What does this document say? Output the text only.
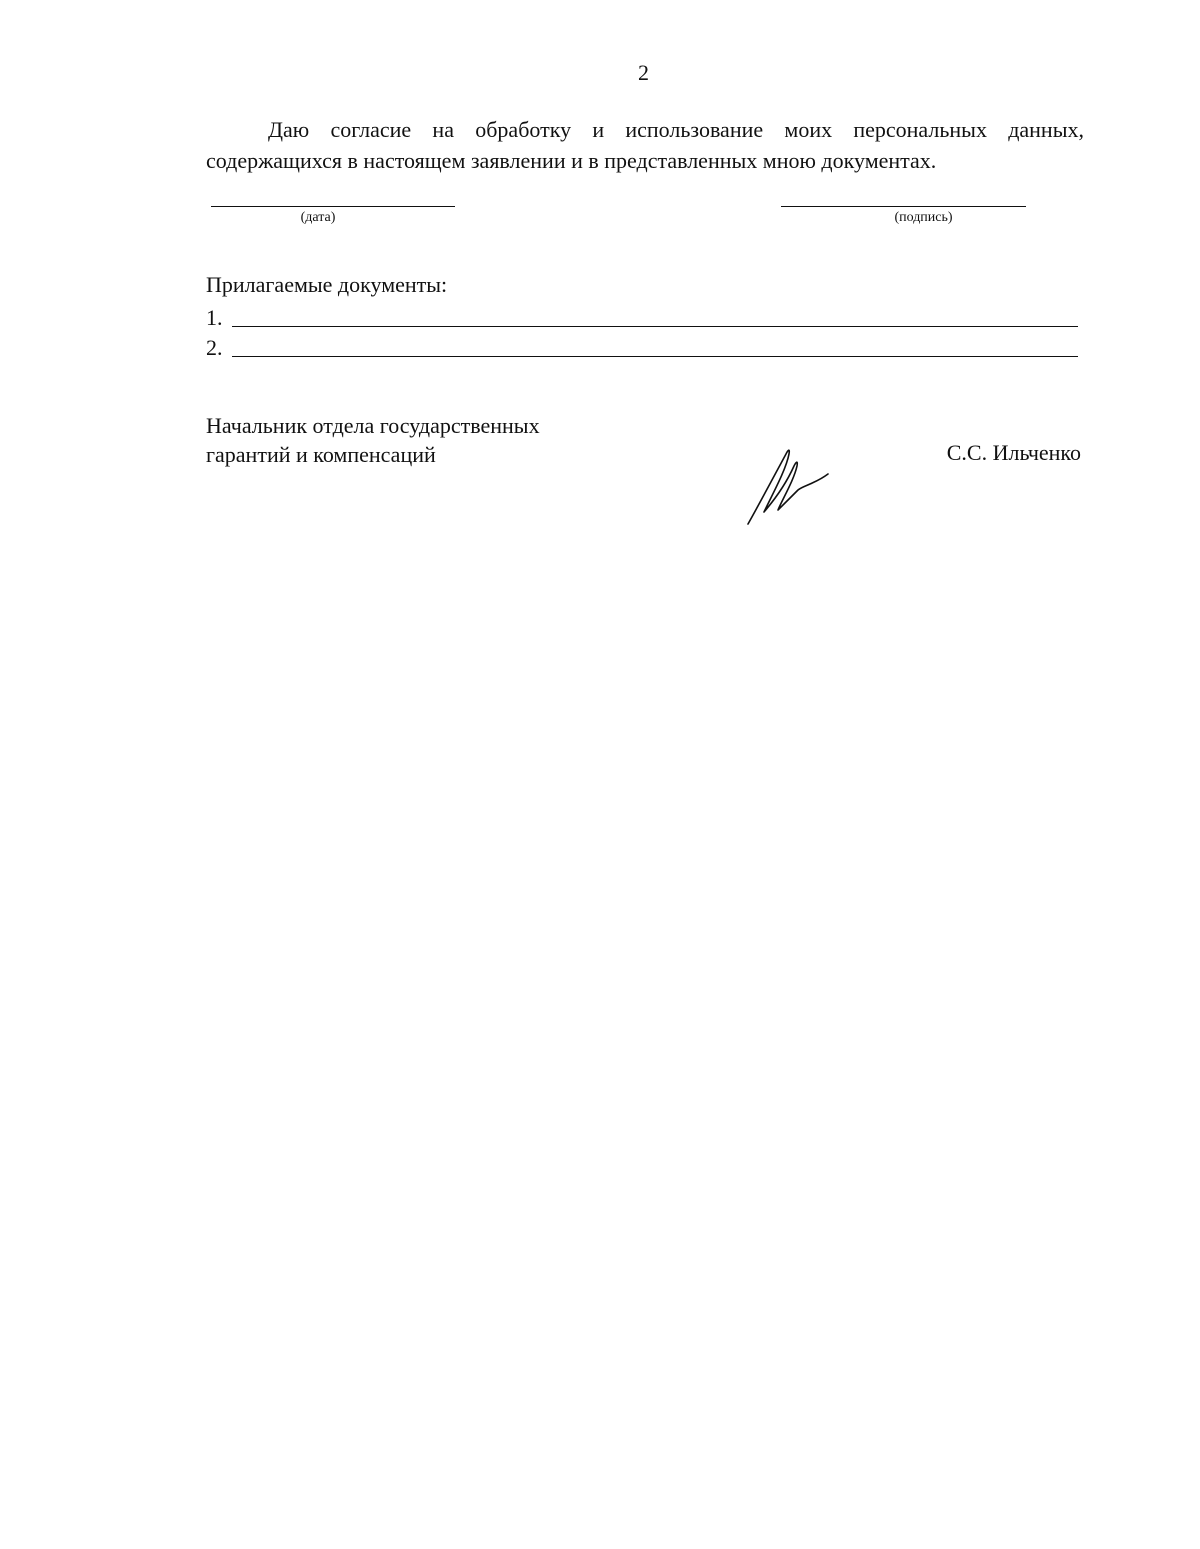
2
Даю согласие на обработку и использование моих персональных данных, содержащихся в настоящем заявлении и в представленных мною документах.
(дата)	(подпись)
Прилагаемые документы:
1.
2.
Начальник отдела государственных
гарантий и компенсаций	С.С. Ильченко
